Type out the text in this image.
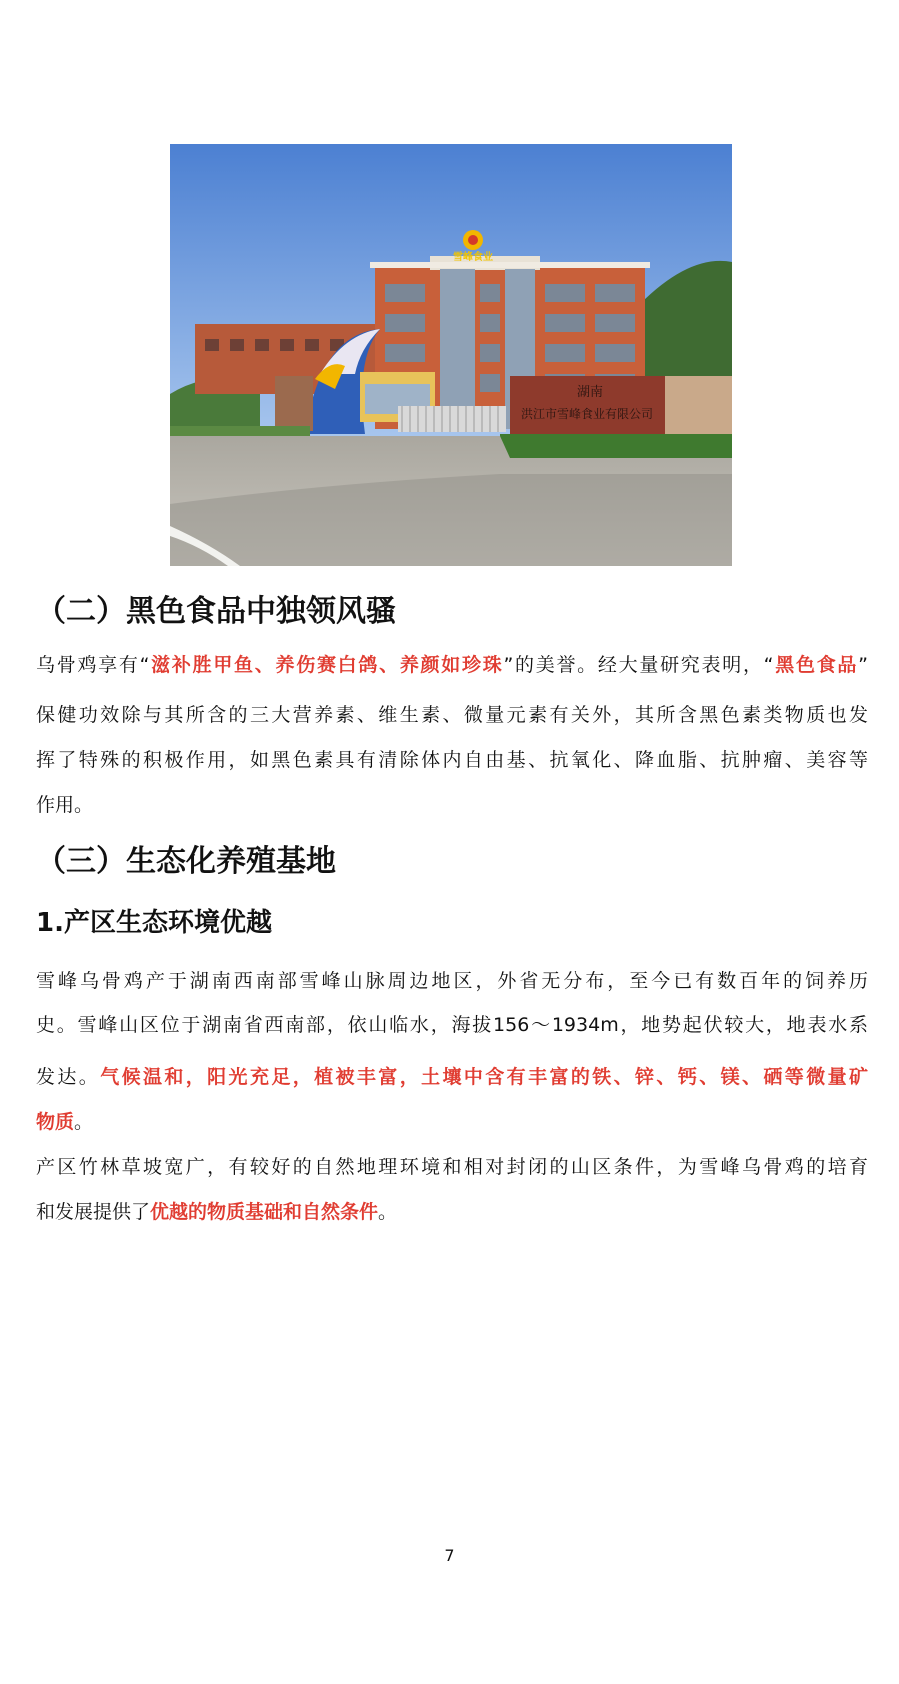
雪峰食业
湖南
洪江市雪峰食业有限公司
（二）黑色食品中独领风骚

乌骨鸡享有“滋补胜甲鱼、养伤赛白鸽、养颜如珍珠”的美誉。经大量研究表明，“黑色食品”

保健功效除与其所含的三大营养素、维生素、微量元素有关外，其所含黑色素类物质也发

挥了特殊的积极作用，如黑色素具有清除体内自由基、抗氧化、降血脂、抗肿瘤、美容等

作用。

（三）生态化养殖基地
1.产区生态环境优越

雪峰乌骨鸡产于湖南西南部雪峰山脉周边地区，外省无分布，至今已有数百年的饲养历

史。雪峰山区位于湖南省西南部，依山临水，海拔156～1934m，地势起伏较大，地表水系

发达。气候温和，阳光充足，植被丰富，土壤中含有丰富的铁、锌、钙、镁、硒等微量矿

物质。

产区竹林草坡宽广，有较好的自然地理环境和相对封闭的山区条件，为雪峰乌骨鸡的培育

和发展提供了优越的物质基础和自然条件。

7
